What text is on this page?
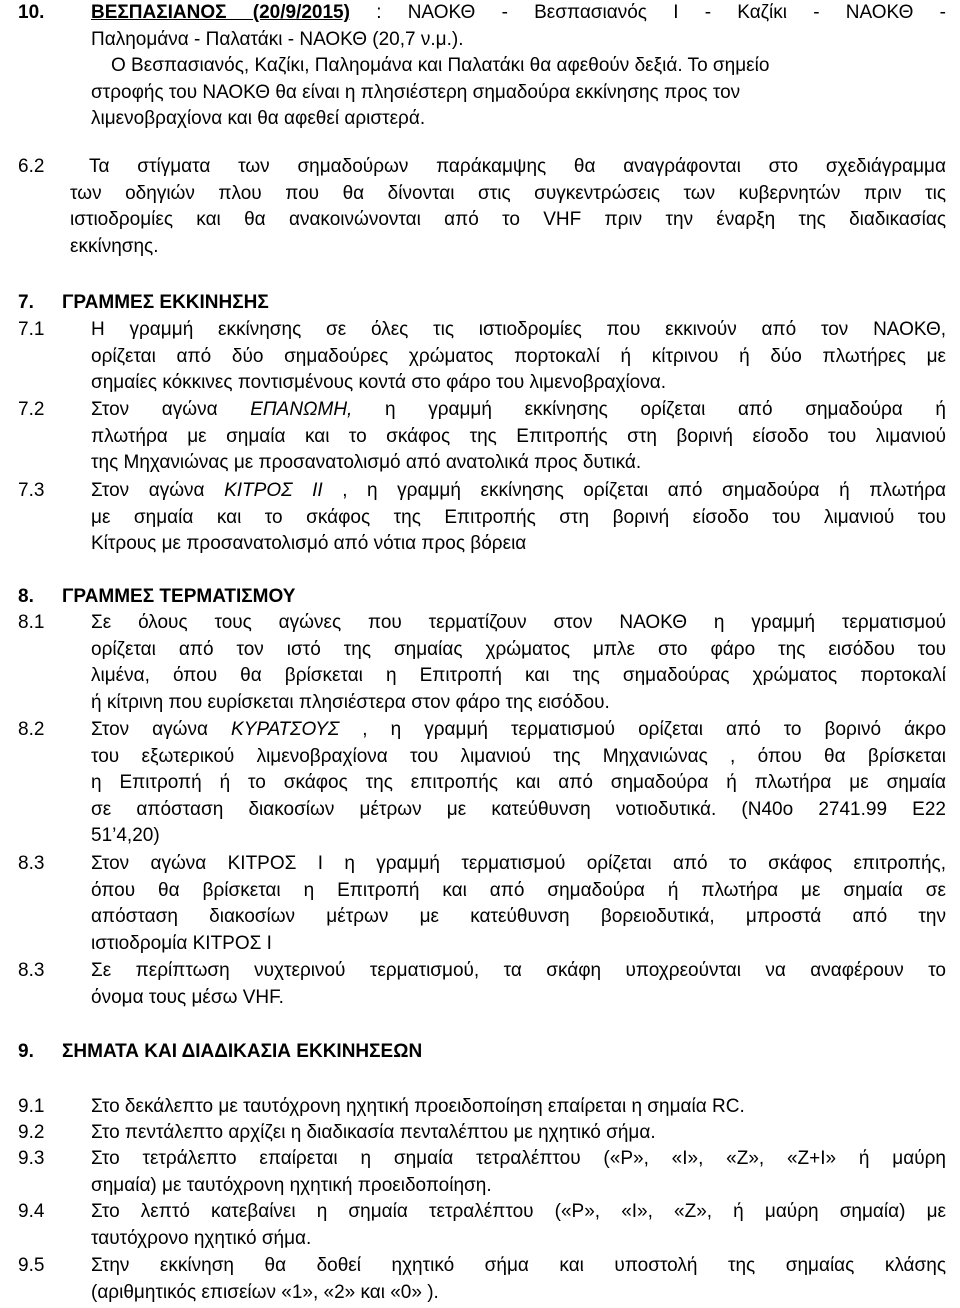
10. ΒΕΣΠΑΣΙΑΝΟΣ (20/9/2015) : ΝΑΟΚΘ - Βεσπασιανός Ι - Καζίκι - ΝΑΟΚΘ -
Παληομάνα - Παλατάκι - ΝΑΟΚΘ (20,7 ν.μ.).
Ο Βεσπασιανός, Καζίκι, Παληομάνα και Παλατάκι θα αφεθούν δεξιά. Το σημείο
στροφής του ΝΑΟΚΘ θα είναι η πλησιέστερη σημαδούρα εκκίνησης προς τον
λιμενοβραχίονα και θα αφεθεί αριστερά.
6.2 Τα στίγματα των σημαδούρων παράκαμψης θα αναγράφονται στο σχεδιάγραμμα
των οδηγιών πλου που θα δίνονται στις συγκεντρώσεις των κυβερνητών πριν τις
ιστιοδρομίες και θα ανακοινώνονται από το VHF πριν την έναρξη της διαδικασίας
εκκίνησης.
7. ΓΡΑΜΜΕΣ ΕΚΚΙΝΗΣΗΣ
7.1 Η γραμμή εκκίνησης σε όλες τις ιστιοδρομίες που εκκινούν από τον ΝΑΟΚΘ,
ορίζεται από δύο σημαδούρες χρώματος πορτοκαλί ή κίτρινου ή δύο πλωτήρες με
σημαίες κόκκινες ποντισμένους κοντά στο φάρο του λιμενοβραχίονα.
7.2 Στον αγώνα ΕΠΑΝΩΜΗ, η γραμμή εκκίνησης ορίζεται από σημαδούρα ή
πλωτήρα με σημαία και το σκάφος της Επιτροπής στη βορινή είσοδο του λιμανιού
της Μηχανιώνας με προσανατολισμό από ανατολικά προς δυτικά.
7.3 Στον αγώνα ΚΙΤΡΟΣ ΙΙ , η γραμμή εκκίνησης ορίζεται από σημαδούρα ή πλωτήρα
με σημαία και το σκάφος της Επιτροπής στη βορινή είσοδο του λιμανιού του
Κίτρους με προσανατολισμό από νότια προς βόρεια
8. ΓΡΑΜΜΕΣ ΤΕΡΜΑΤΙΣΜΟΥ
8.1 Σε όλους τους αγώνες που τερματίζουν στον ΝΑΟΚΘ η γραμμή τερματισμού
ορίζεται από τον ιστό της σημαίας χρώματος μπλε στο φάρο της εισόδου του
λιμένα, όπου θα βρίσκεται η Επιτροπή και της σημαδούρας χρώματος πορτοκαλί
ή κίτρινη που ευρίσκεται πλησιέστερα στον φάρο της εισόδου.
8.2 Στον αγώνα ΚΥΡΑΤΣΟΥΣ , η γραμμή τερματισμού ορίζεται από το βορινό άκρο
του εξωτερικού λιμενοβραχίονα του λιμανιού της Μηχανιώνας , όπου θα βρίσκεται
η Επιτροπή ή το σκάφος της επιτροπής και από σημαδούρα ή πλωτήρα με σημαία
σε απόσταση διακοσίων μέτρων με κατεύθυνση νοτιοδυτικά. (Ν40ο 2741.99 Ε22
51’4,20)
8.3 Στον αγώνα ΚΙΤΡΟΣ Ι η γραμμή τερματισμού ορίζεται από το σκάφος επιτροπής,
όπου θα βρίσκεται η Επιτροπή και από σημαδούρα ή πλωτήρα με σημαία σε
απόσταση διακοσίων μέτρων με κατεύθυνση βορειοδυτικά, μπροστά από την
ιστιοδρομία ΚΙΤΡΟΣ Ι
8.3 Σε περίπτωση νυχτερινού τερματισμού, τα σκάφη υποχρεούνται να αναφέρουν το
όνομα τους μέσω VHF.
9. ΣΗΜΑΤΑ ΚΑΙ ΔΙΑΔΙΚΑΣΙΑ ΕΚΚΙΝΗΣΕΩΝ
9.1 Στο δεκάλεπτο με ταυτόχρονη ηχητική προειδοποίηση επαίρεται η σημαία RC.
9.2 Στο πεντάλεπτο αρχίζει η διαδικασία πενταλέπτου με ηχητικό σήμα.
9.3 Στο τετράλεπτο επαίρεται η σημαία τετραλέπτου («P», «I», «Z», «Z+I» ή μαύρη
σημαία) με ταυτόχρονη ηχητική προειδοποίηση.
9.4 Στο λεπτό κατεβαίνει η σημαία τετραλέπτου («P», «I», «Z», ή μαύρη σημαία) με
ταυτόχρονο ηχητικό σήμα.
9.5 Στην εκκίνηση θα δοθεί ηχητικό σήμα και υποστολή της σημαίας κλάσης
(αριθμητικός επισείων «1», «2» και «0» ).
